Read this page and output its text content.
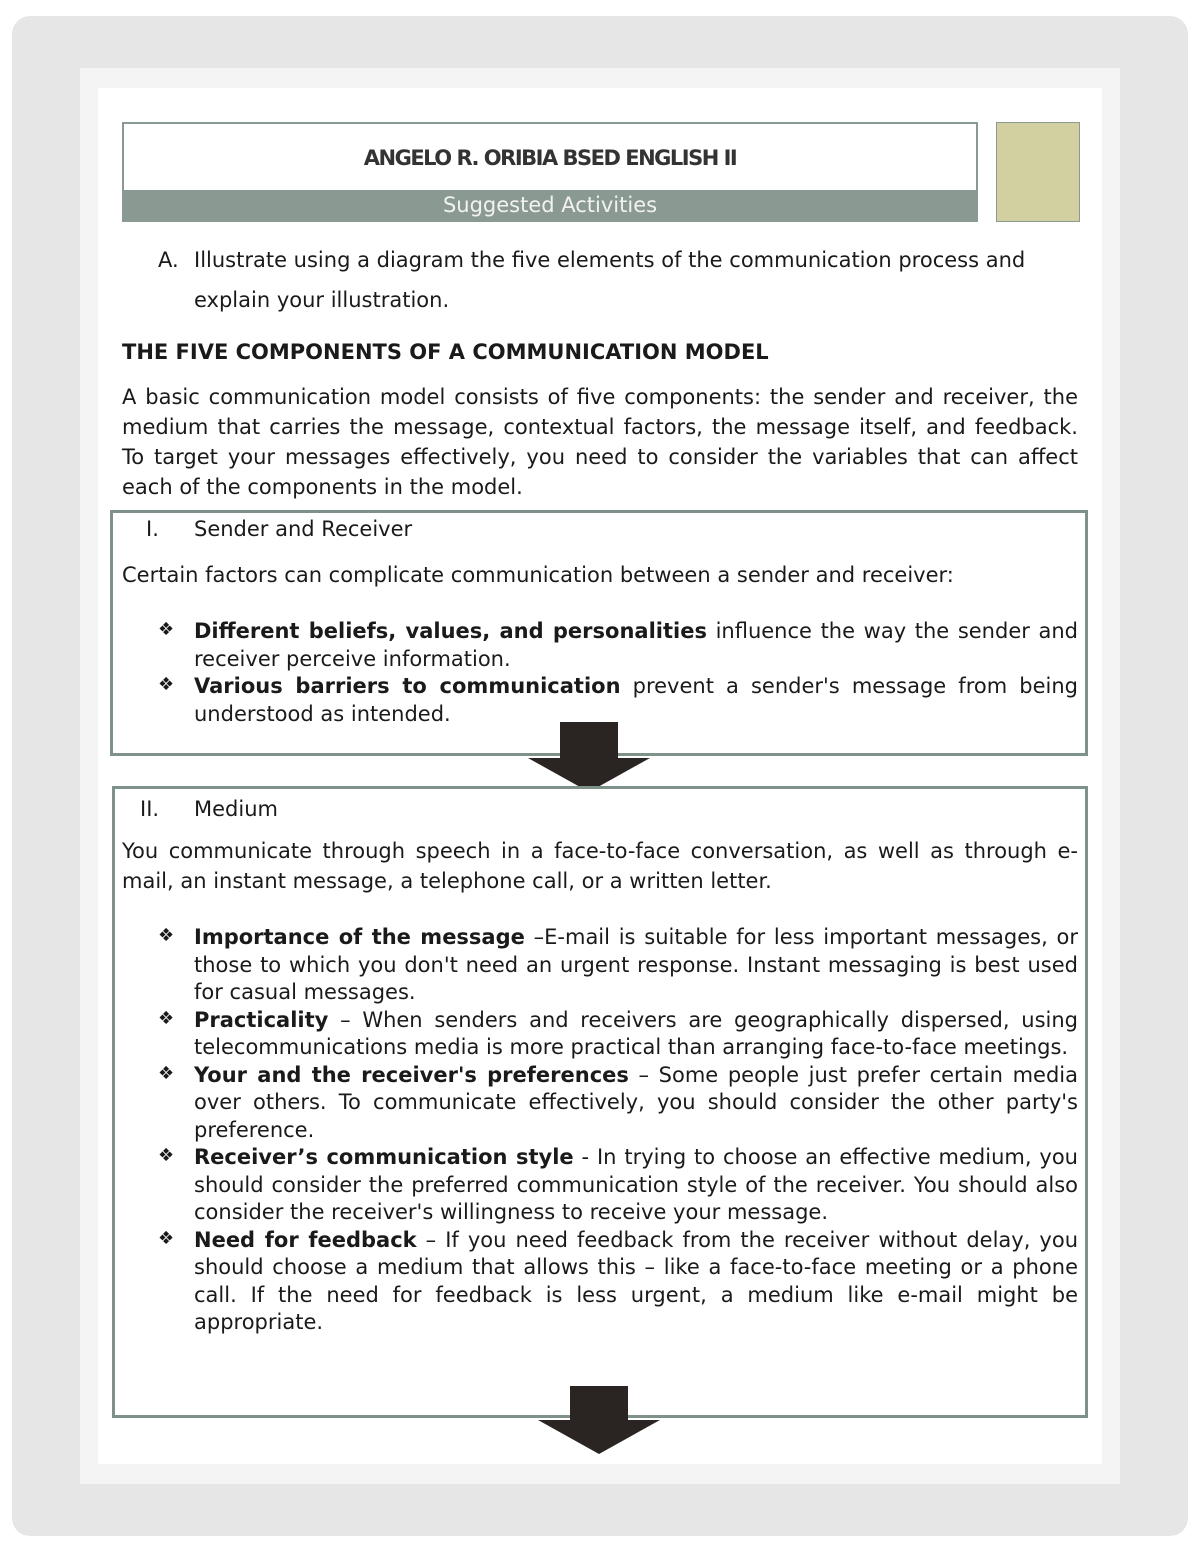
ANGELO R. ORIBIA BSED ENGLISH II
Suggested Activities
A. Illustrate using a diagram the five elements of the communication process and explain your illustration.
THE FIVE COMPONENTS OF A COMMUNICATION MODEL
A basic communication model consists of five components: the sender and receiver, the medium that carries the message, contextual factors, the message itself, and feedback. To target your messages effectively, you need to consider the variables that can affect each of the components in the model.
I. Sender and Receiver
Certain factors can complicate communication between a sender and receiver:
❖ Different beliefs, values, and personalities influence the way the sender and receiver perceive information.
❖ Various barriers to communication prevent a sender's message from being understood as intended.
II. Medium
You communicate through speech in a face-to-face conversation, as well as through e-mail, an instant message, a telephone call, or a written letter.
❖ Importance of the message –E-mail is suitable for less important messages, or those to which you don't need an urgent response. Instant messaging is best used for casual messages.
❖ Practicality – When senders and receivers are geographically dispersed, using telecommunications media is more practical than arranging face-to-face meetings.
❖ Your and the receiver's preferences – Some people just prefer certain media over others. To communicate effectively, you should consider the other party's preference.
❖ Receiver’s communication style - In trying to choose an effective medium, you should consider the preferred communication style of the receiver. You should also consider the receiver's willingness to receive your message.
❖ Need for feedback – If you need feedback from the receiver without delay, you should choose a medium that allows this – like a face-to-face meeting or a phone call. If the need for feedback is less urgent, a medium like e-mail might be appropriate.
